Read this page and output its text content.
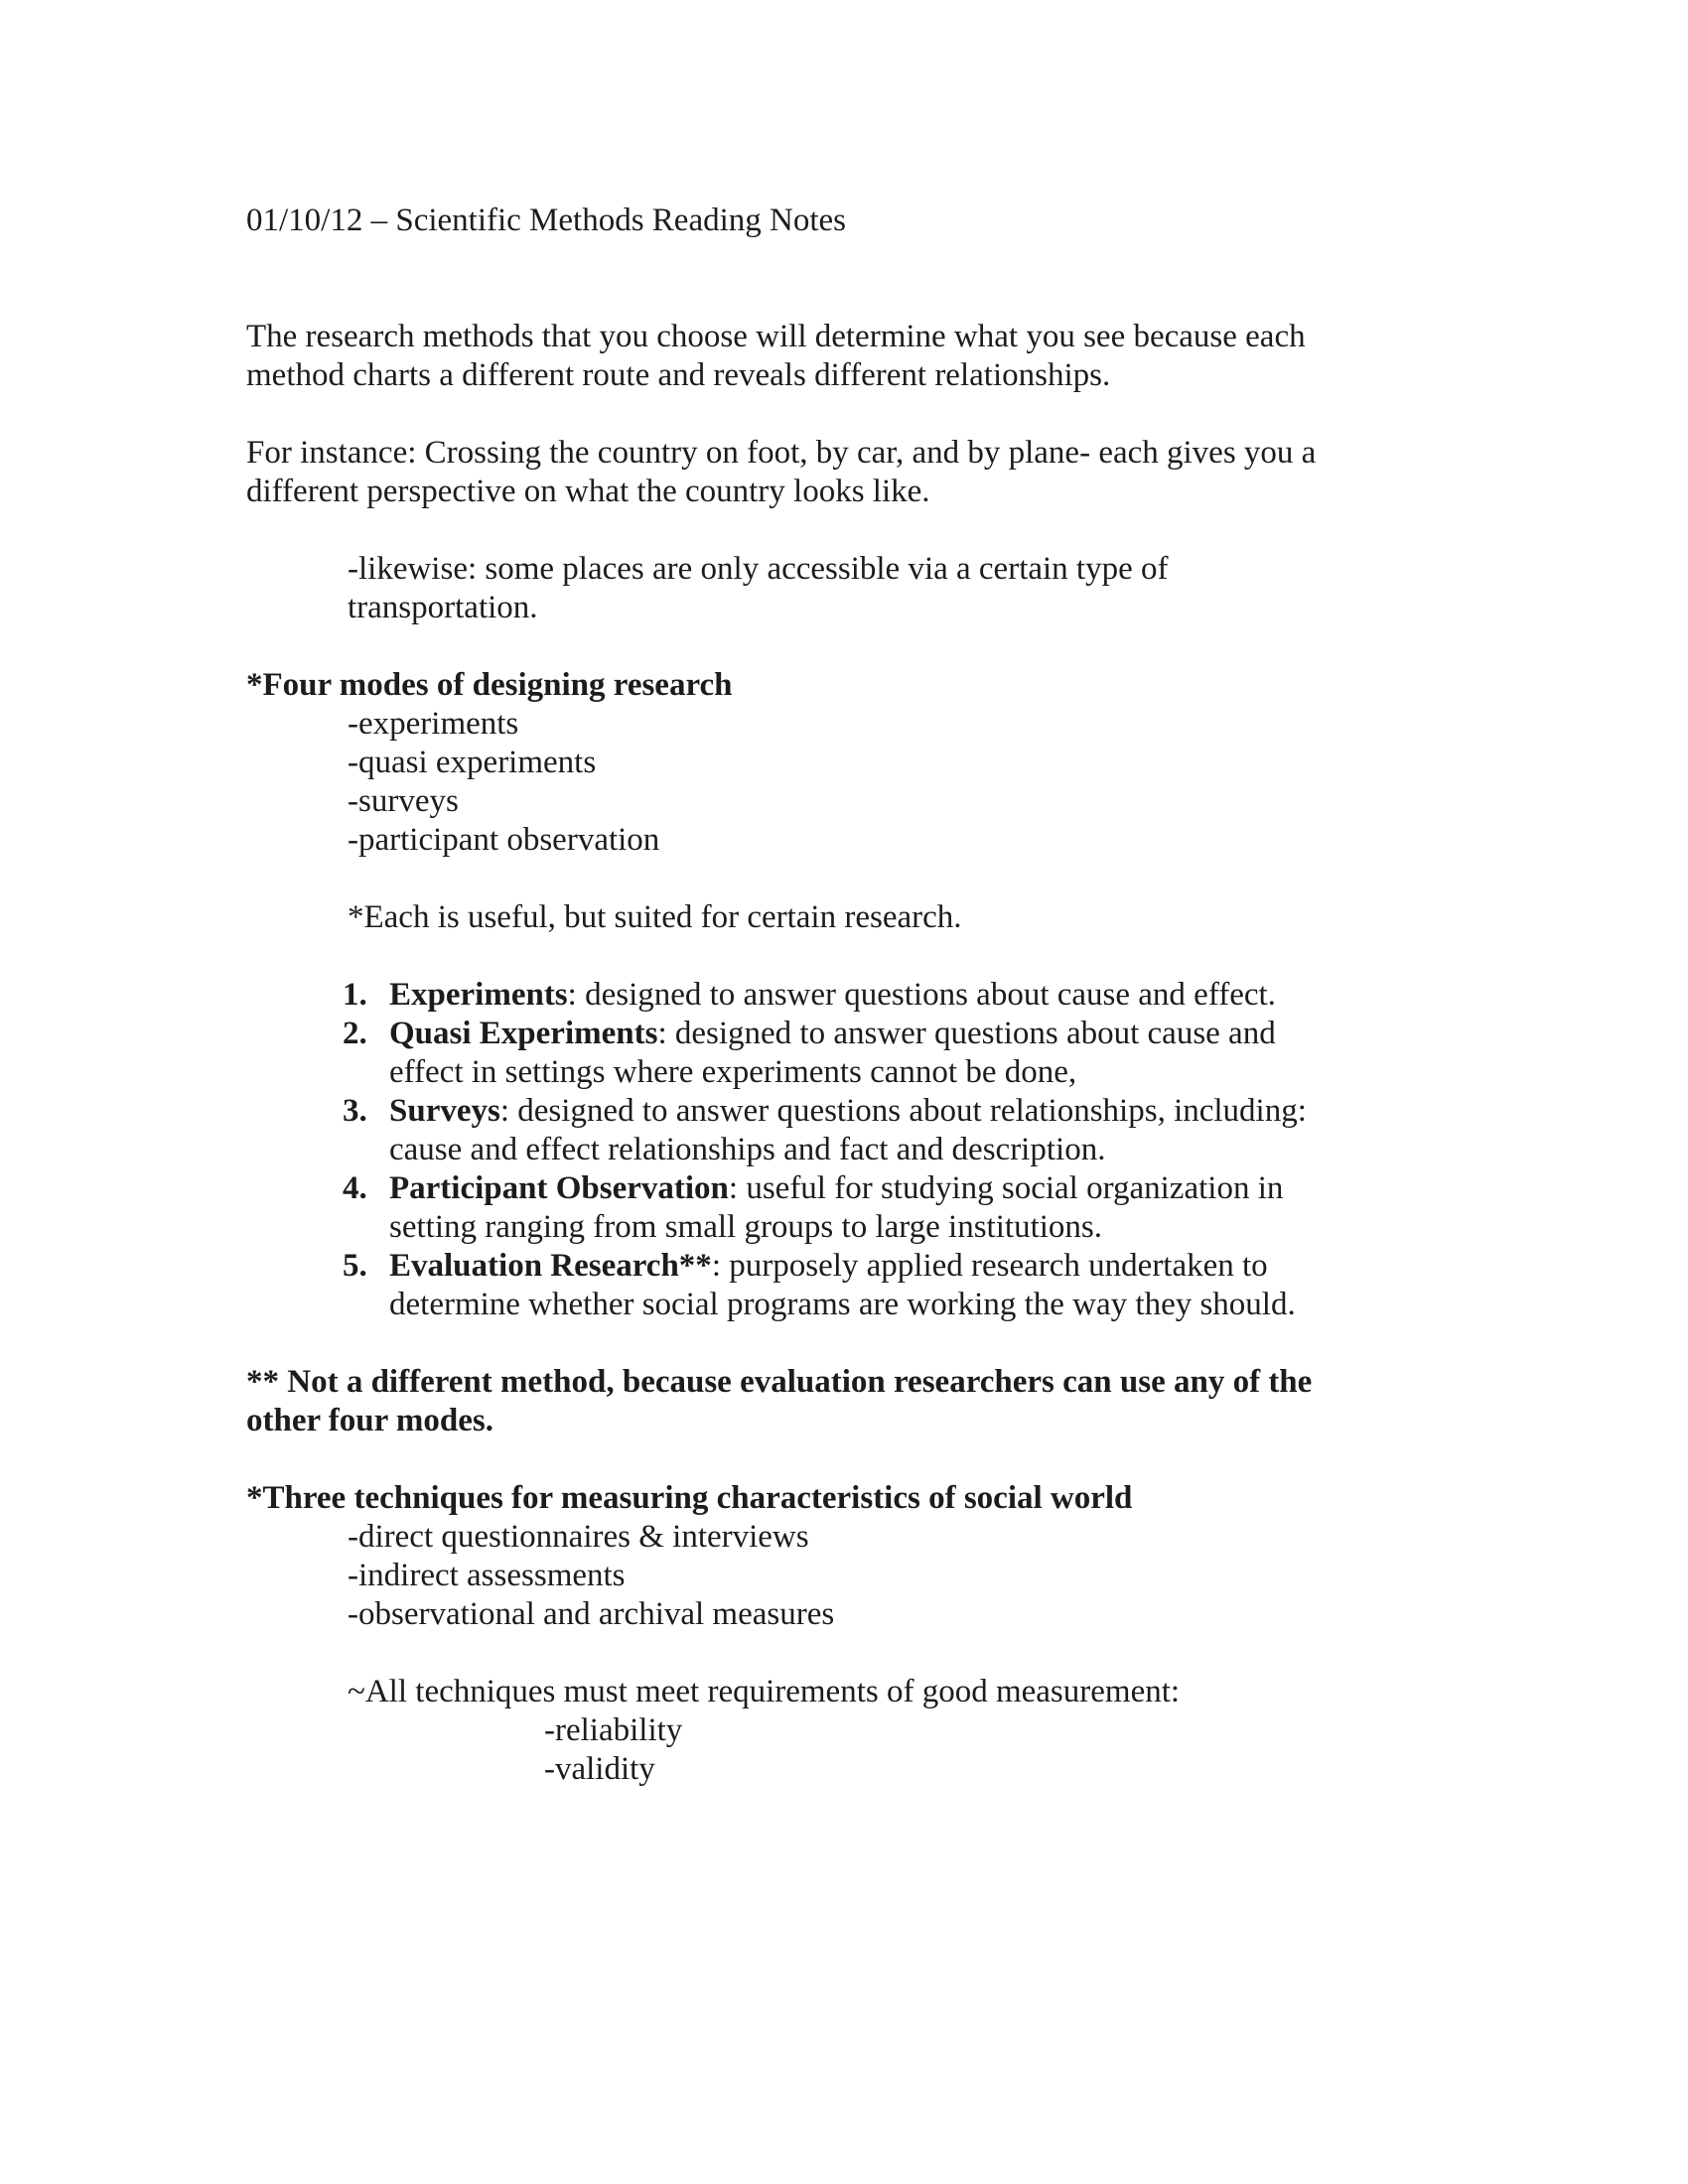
01/10/12 – Scientific Methods Reading Notes
The research methods that you choose will determine what you see because each
method charts a different route and reveals different relationships.
For instance: Crossing the country on foot, by car, and by plane- each gives you a
different perspective on what the country looks like.
-likewise: some places are only accessible via a certain type of
transportation.
*Four modes of designing research
-experiments
-quasi experiments
-surveys
-participant observation
*Each is useful, but suited for certain research.
1. Experiments: designed to answer questions about cause and effect.
2. Quasi Experiments: designed to answer questions about cause and
effect in settings where experiments cannot be done,
3. Surveys: designed to answer questions about relationships, including:
cause and effect relationships and fact and description.
4. Participant Observation: useful for studying social organization in
setting ranging from small groups to large institutions.
5. Evaluation Research**: purposely applied research undertaken to
determine whether social programs are working the way they should.
** Not a different method, because evaluation researchers can use any of the
other four modes.
*Three techniques for measuring characteristics of social world
-direct questionnaires & interviews
-indirect assessments
-observational and archival measures
~All techniques must meet requirements of good measurement:
-reliability
-validity
